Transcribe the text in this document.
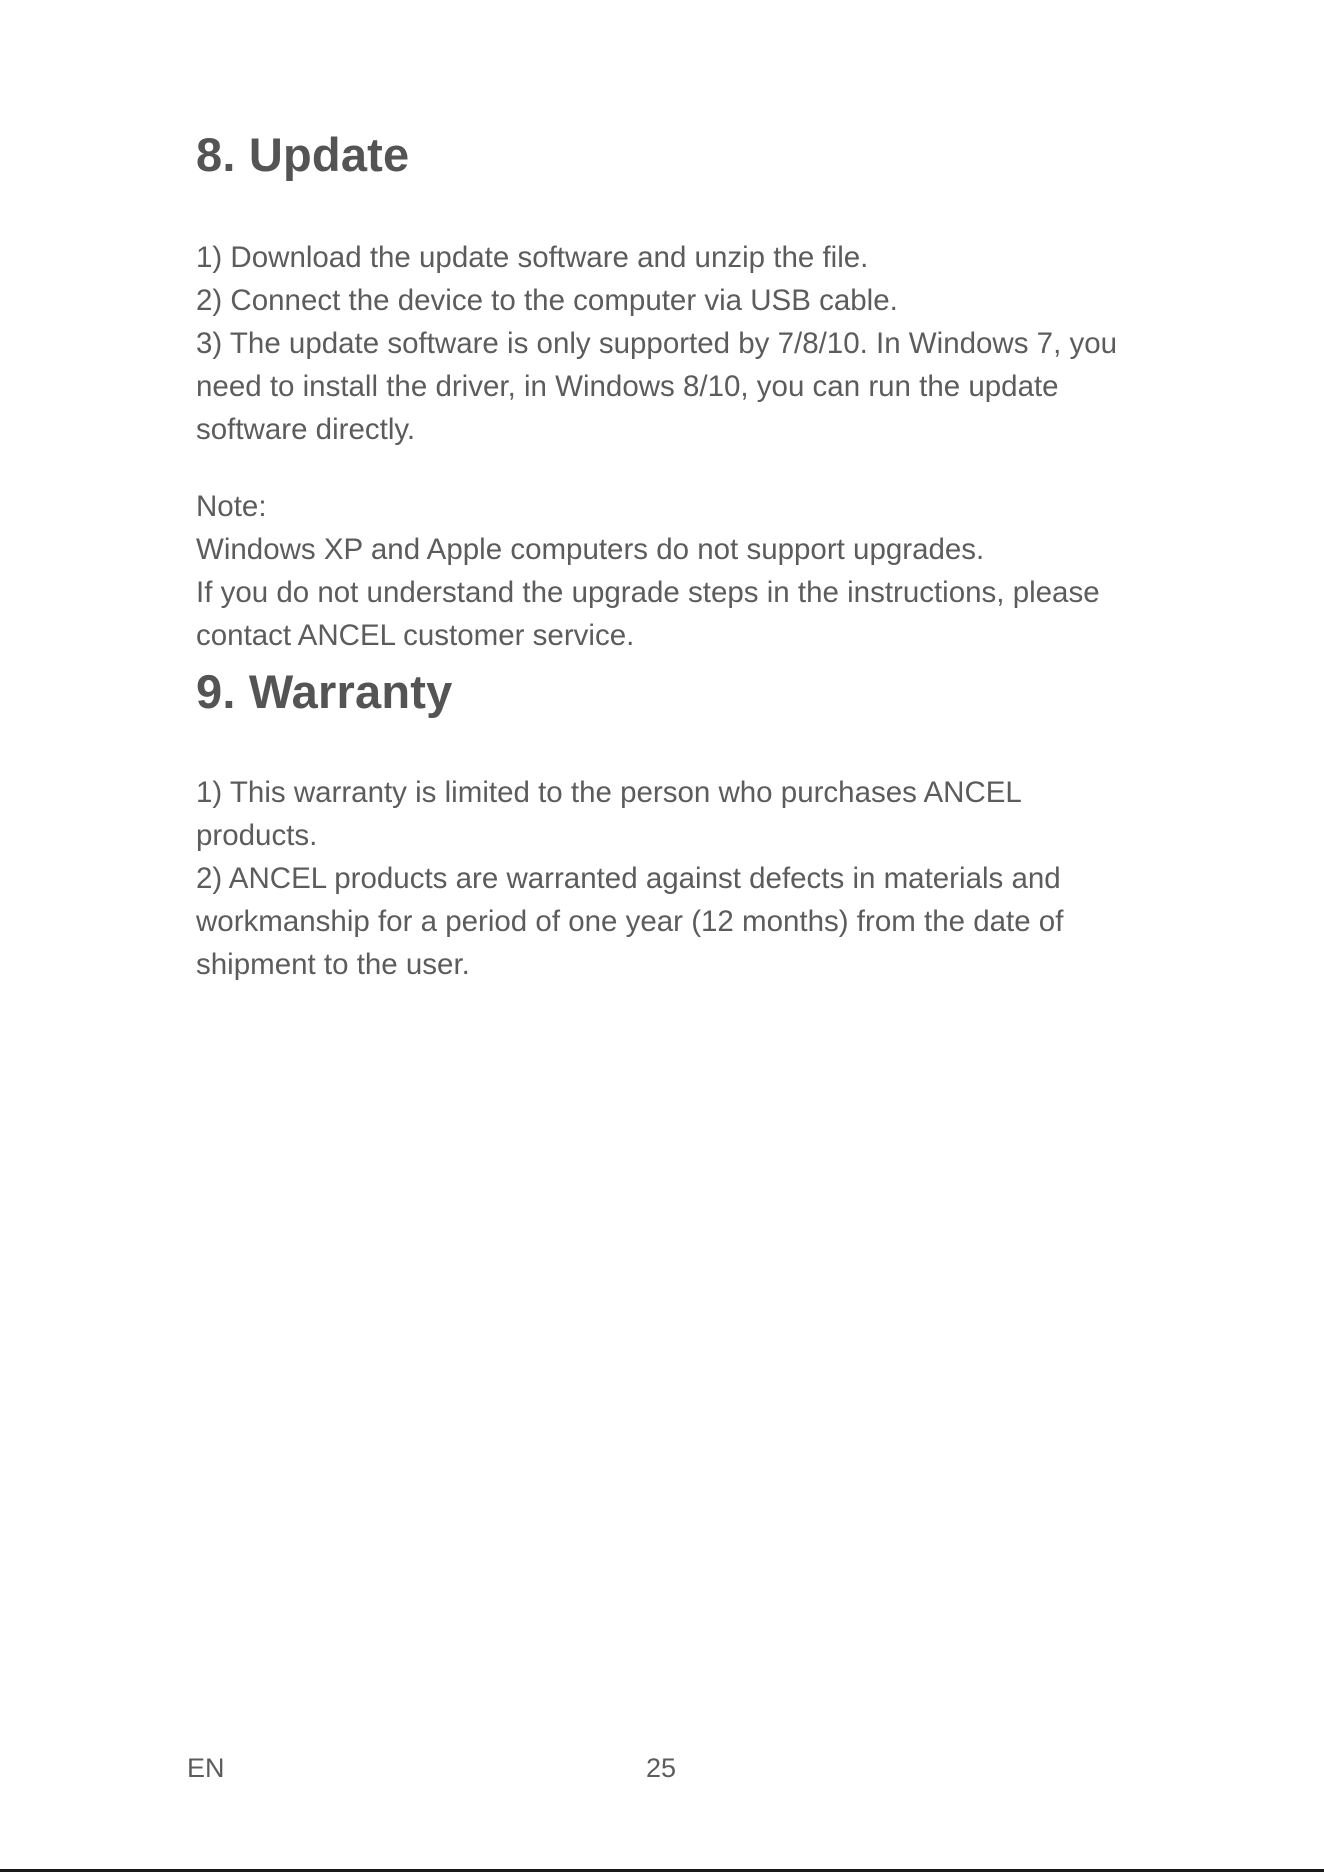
8. Update

1) Download the update software and unzip the file.

2) Connect the device to the computer via USB cable.

3) The update software is only supported by 7/8/10. In Windows 7, you need to install the driver, in Windows 8/10, you can run the update software directly.

Note:

Windows XP and Apple computers do not support upgrades.

If you do not understand the upgrade steps in the instructions, please contact ANCEL customer service.

9. Warranty

1) This warranty is limited to the person who purchases ANCEL products.

2) ANCEL products are warranted against defects in materials and workmanship for a period of one year (12 months) from the date of shipment to the user.

EN	25
